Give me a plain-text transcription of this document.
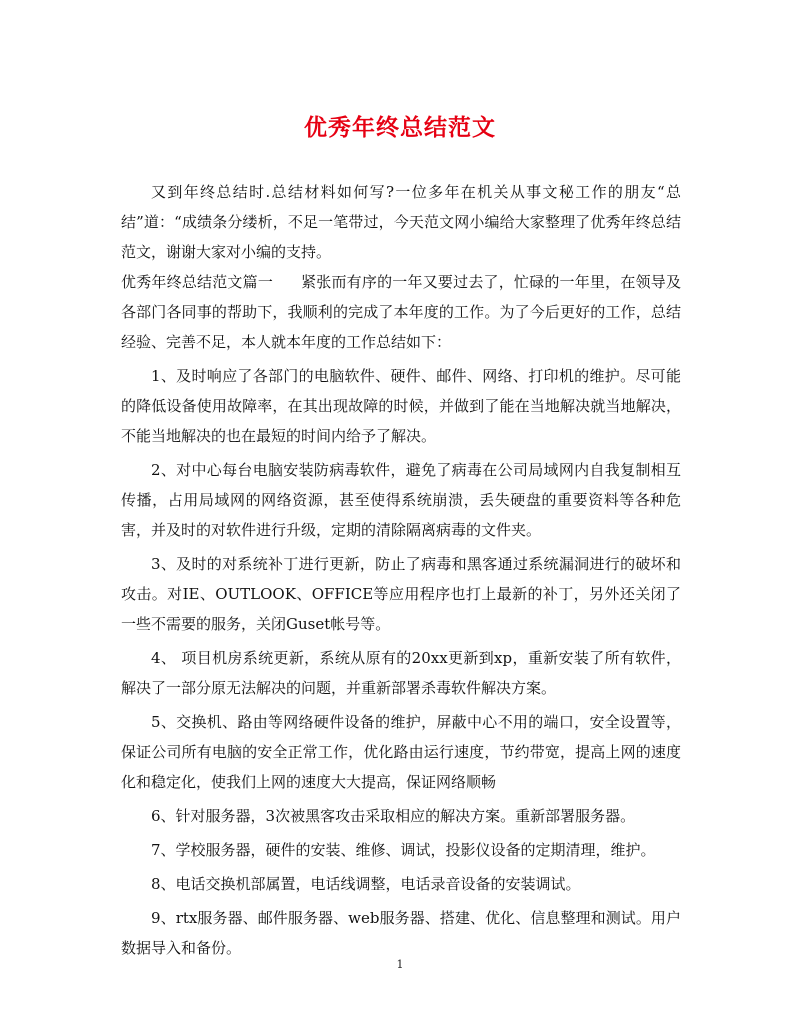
优秀年终总结范文

又到年终总结时.总结材料如何写?一位多年在机关从事文秘工作的朋友“总结”道：“成绩条分缕析，不足一笔带过，今天范文网小编给大家整理了优秀年终总结范文，谢谢大家对小编的支持。

优秀年终总结范文篇一 紧张而有序的一年又要过去了，忙碌的一年里，在领导及各部门各同事的帮助下，我顺利的完成了本年度的工作。为了今后更好的工作，总结经验、完善不足，本人就本年度的工作总结如下：

1、及时响应了各部门的电脑软件、硬件、邮件、网络、打印机的维护。尽可能的降低设备使用故障率，在其出现故障的时候，并做到了能在当地解决就当地解决，不能当地解决的也在最短的时间内给予了解决。

2、对中心每台电脑安装防病毒软件，避免了病毒在公司局域网内自我复制相互传播，占用局域网的网络资源，甚至使得系统崩溃，丢失硬盘的重要资料等各种危害，并及时的对软件进行升级，定期的清除隔离病毒的文件夹。

3、及时的对系统补丁进行更新，防止了病毒和黑客通过系统漏洞进行的破坏和攻击。对IE、OUTLOOK、OFFICE等应用程序也打上最新的补丁，另外还关闭了一些不需要的服务，关闭Guset帐号等。

4、 项目机房系统更新，系统从原有的20xx更新到xp，重新安装了所有软件，解决了一部分原无法解决的问题，并重新部署杀毒软件解决方案。

5、交换机、路由等网络硬件设备的维护，屏蔽中心不用的端口，安全设置等，保证公司所有电脑的安全正常工作，优化路由运行速度，节约带宽，提高上网的速度化和稳定化，使我们上网的速度大大提高，保证网络顺畅

6、针对服务器，3次被黑客攻击采取相应的解决方案。重新部署服务器。

7、学校服务器，硬件的安装、维修、调试，投影仪设备的定期清理，维护。

8、电话交换机部属置，电话线调整，电话录音设备的安装调试。

9、rtx服务器、邮件服务器、web服务器、搭建、优化、信息整理和测试。用户数据导入和备份。

1
